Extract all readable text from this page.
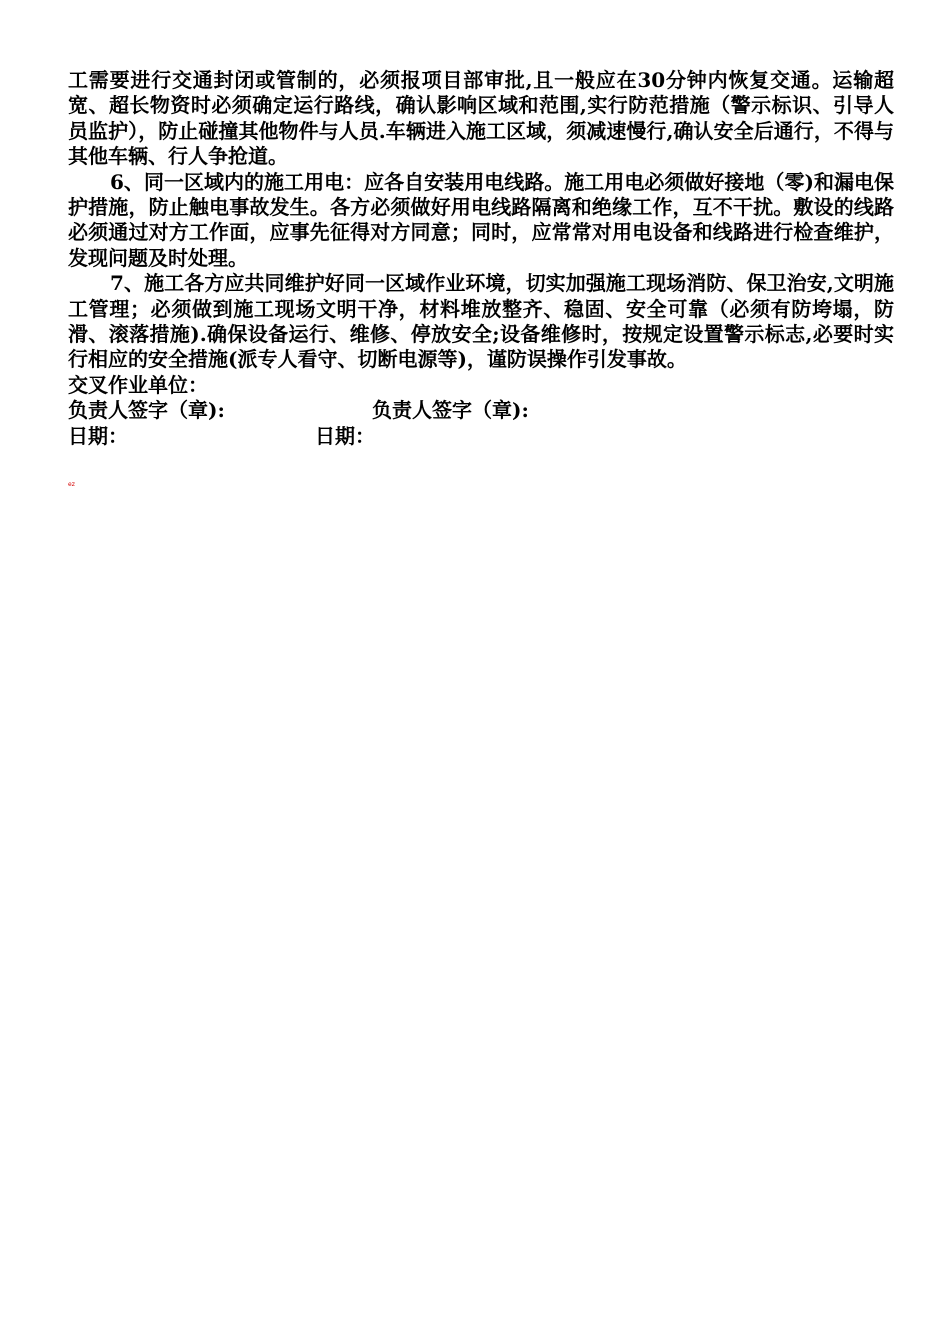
工需要进行交通封闭或管制的，必须报项目部审批,且一般应在30分钟内恢复交通。运输超宽、超长物资时必须确定运行路线，确认影响区域和范围,实行防范措施（警示标识、引导人员监护），防止碰撞其他物件与人员.车辆进入施工区域，须减速慢行,确认安全后通行，不得与其他车辆、行人争抢道。

6、同一区域内的施工用电：应各自安装用电线路。施工用电必须做好接地（零)和漏电保护措施，防止触电事故发生。各方必须做好用电线路隔离和绝缘工作，互不干扰。敷设的线路必须通过对方工作面，应事先征得对方同意；同时，应常常对用电设备和线路进行检查维护，发现问题及时处理。

7、施工各方应共同维护好同一区域作业环境，切实加强施工现场消防、保卫治安,文明施工管理；必须做到施工现场文明干净，材料堆放整齐、稳固、安全可靠（必须有防垮塌，防滑、滚落措施).确保设备运行、维修、停放安全;设备维修时，按规定设置警示标志,必要时实行相应的安全措施(派专人看守、切断电源等)，谨防误操作引发事故。

交叉作业单位：

负责人签字（章):	负责人签字（章):
日期：	日期：
ez
